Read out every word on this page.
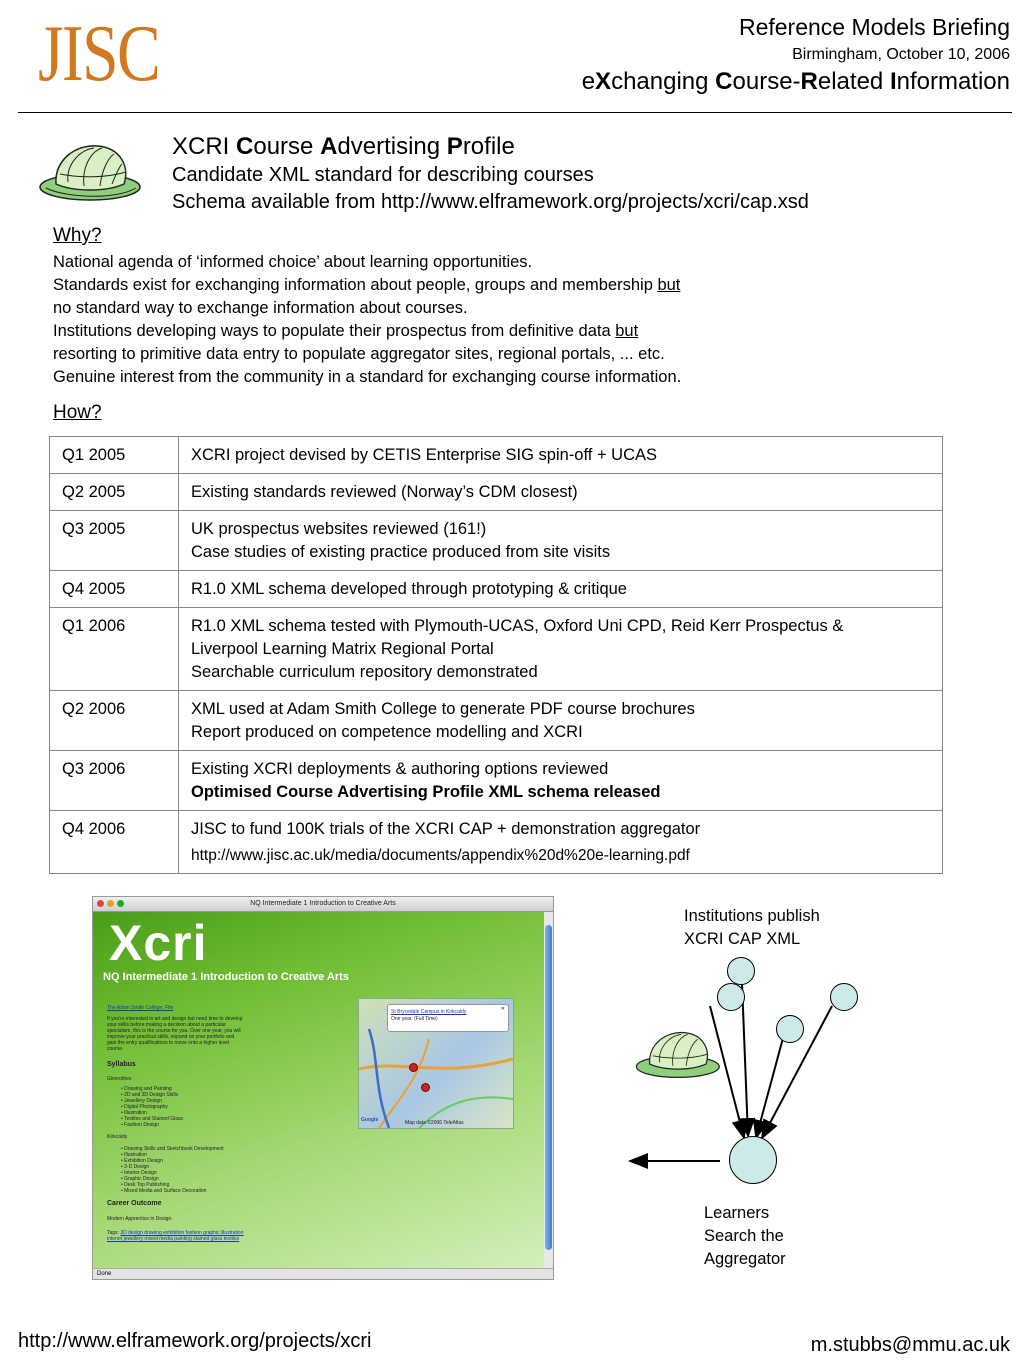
JISC	Reference Models Briefing
Birmingham, October 10, 2006
eXchanging Course-Related Information
XCRI Course Advertising Profile
Candidate XML standard for describing courses
Schema available from http://www.elframework.org/projects/xcri/cap.xsd
Why?
National agenda of ‘informed choice’ about learning opportunities.
Standards exist for exchanging information about people, groups and membership but
no standard way to exchange information about courses.
Institutions developing ways to populate their prospectus from definitive data but
resorting to primitive data entry to populate aggregator sites, regional portals, ... etc.
Genuine interest from the community in a standard for exchanging course information.
How?
Q1 2005	XCRI project devised by CETIS Enterprise SIG spin-off + UCAS

Q2 2005	Existing standards reviewed (Norway’s CDM closest)

Q3 2005	UK prospectus websites reviewed (161!)
Case studies of existing practice produced from site visits

Q4 2005	R1.0 XML schema developed through prototyping & critique

Q1 2006	R1.0 XML schema tested with Plymouth-UCAS, Oxford Uni CPD, Reid Kerr Prospectus &
Liverpool Learning Matrix Regional Portal
Searchable curriculum repository demonstrated

Q2 2006	XML used at Adam Smith College to generate PDF course brochures
Report produced on competence modelling and XCRI

Q3 2006	Existing XCRI deployments & authoring options reviewed
Optimised Course Advertising Profile XML schema released

Q4 2006	JISC to fund 100K trials of the XCRI CAP + demonstration aggregator
http://www.jisc.ac.uk/media/documents/appendix%20d%20e-learning.pdf
NQ Intermediate 1 Introduction to Creative Arts
Xcri
NQ Intermediate 1 Introduction to Creative Arts
The Adam Smith College, Fife
If you're interested in art and design but need time to develop
your skills before making a decision about a particular
specialism, this is the course for you. Over one year, you will
improve your practical skills, expand on your portfolio and
gain the entry qualifications to move onto a higher level
course.
Syllabus
Glenrothes
• Drawing and Painting
• 2D and 3D Design Skills
• Jewellery Design
• Digital Photography
• Illustration
• Textiles and Stained Glass
• Fashion Design
Kirkcaldy
• Drawing Skills and Sketchbook Development
• Illustration
• Exhibition Design
• 3-D Design
• Interior Design
• Graphic Design
• Desk Top Publishing
• Mixed Media and Surface Decoration
Career Outcome
Modern Apprentice in Design.
Tags: 3D design drawing exhibition fashion graphic illustration
interior jewellery mixed media painting stained glass textiles
St Brycedale Campus in Kirkcaldy
One year. (Full Time)
✕
Google	Map data ©2006 TeleAtlas
Done
Institutions publish
XCRI CAP XML
Learners
Search the
Aggregator
http://www.elframework.org/projects/xcri	m.stubbs@mmu.ac.uk
